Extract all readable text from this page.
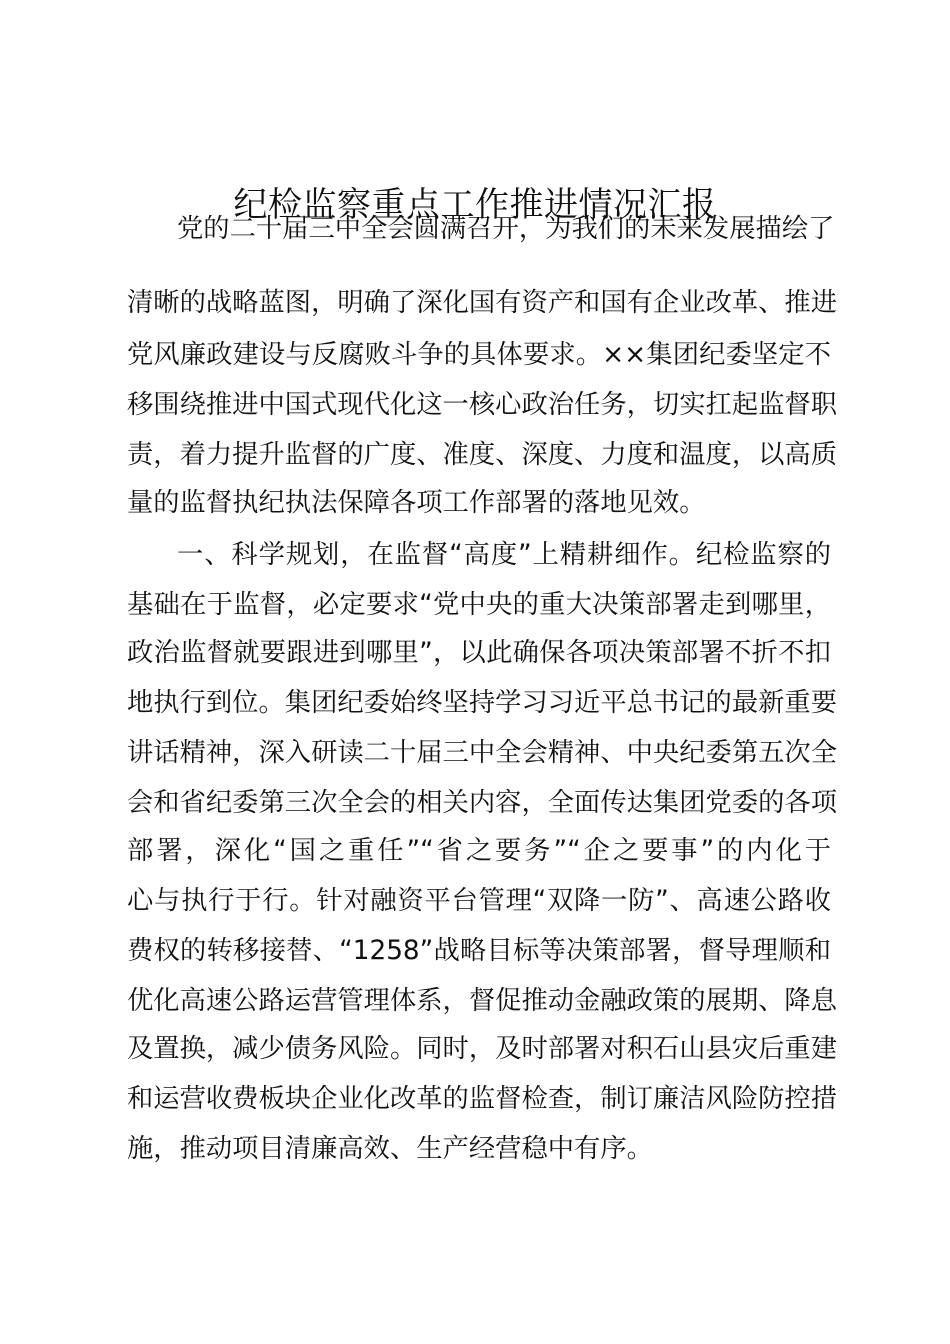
纪检监察重点工作推进情况汇报
党的二十届三中全会圆满召开，为我们的未来发展描绘了
清晰的战略蓝图，明确了深化国有资产和国有企业改革、推进
党风廉政建设与反腐败斗争的具体要求。××集团纪委坚定不
移围绕推进中国式现代化这一核心政治任务，切实扛起监督职
责，着力提升监督的广度、准度、深度、力度和温度，以高质
量的监督执纪执法保障各项工作部署的落地见效。
一、科学规划，在监督“高度”上精耕细作。纪检监察的
基础在于监督，必定要求“党中央的重大决策部署走到哪里，
政治监督就要跟进到哪里”，以此确保各项决策部署不折不扣
地执行到位。集团纪委始终坚持学习习近平总书记的最新重要
讲话精神，深入研读二十届三中全会精神、中央纪委第五次全
会和省纪委第三次全会的相关内容，全面传达集团党委的各项
部署，深化“国之重任”“省之要务”“企之要事”的内化于
心与执行于行。针对融资平台管理“双降一防”、高速公路收
费权的转移接替、“1258”战略目标等决策部署，督导理顺和
优化高速公路运营管理体系，督促推动金融政策的展期、降息
及置换，减少债务风险。同时，及时部署对积石山县灾后重建
和运营收费板块企业化改革的监督检查，制订廉洁风险防控措
施，推动项目清廉高效、生产经营稳中有序。
